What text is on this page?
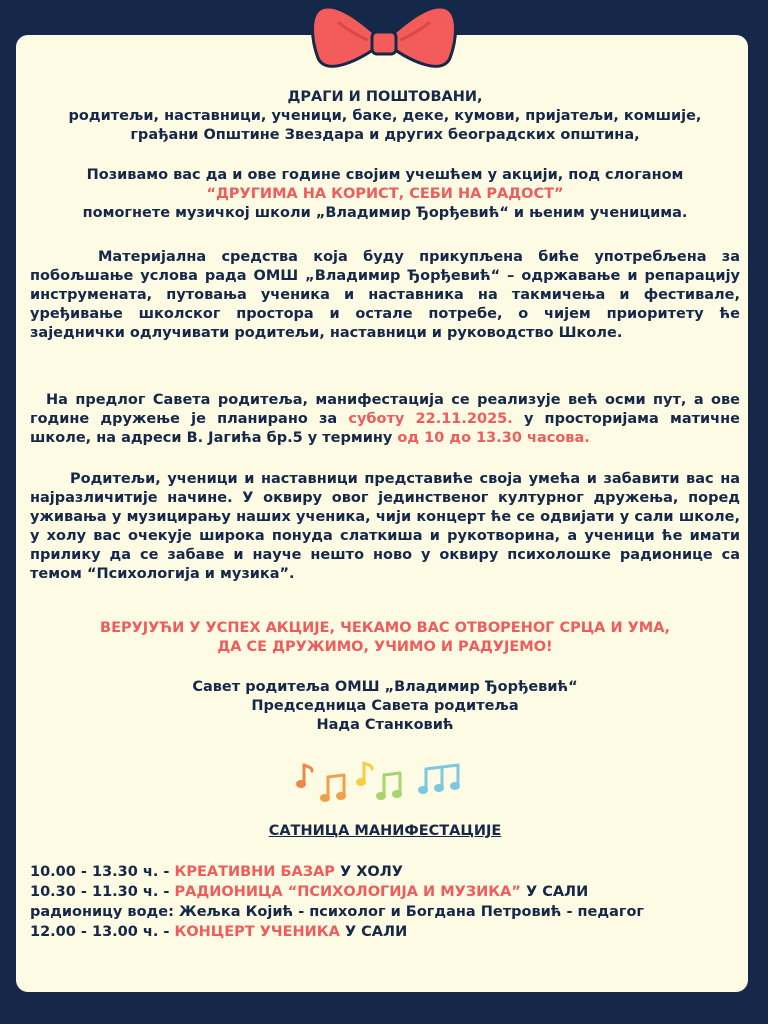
ДРАГИ И ПОШТОВАНИ,
родитељи, наставници, ученици, баке, деке, кумови, пријатељи, комшије,
грађани Општине Звездара и других београдских општина,
Позивамо вас да и ове године својим учешћем у акцији, под слоганом
“ДРУГИМА НА КОРИСТ, СЕБИ НА РАДОСТ”
помогнете музичкој школи „Владимир Ђорђевић“ и њеним ученицима.
Материјална средства која буду прикупљена биће употребљена за побољшање услова рада ОМШ „Владимир Ђорђевић“ – одржавање и репарацију инструмената, путовања ученика и наставника на такмичења и фестивале, уређивање школског простора и остале потребе, о чијем приоритету ће заједнички одлучивати родитељи, наставници и руководство Школе.
На предлог Савета родитеља, манифестација се реализује већ осми пут, а ове године дружење је планирано за суботу 22.11.2025. у просторијама матичне школе, на адреси В. Јагића бр.5 у термину од 10 до 13.30 часова.
Родитељи, ученици и наставници представиће своја умећа и забавити вас на најразличитије начине. У оквиру овог јединственог културног дружења, поред уживања у музицирању наших ученика, чији концерт ће се одвијати у сали школе, у холу вас очекује широка понуда слаткиша и рукотворина, а ученици ће имати прилику да се забаве и науче нешто ново у оквиру психолошке радионице са темом “Психологија и музика”.
ВЕРУЈУЋИ У УСПЕХ АКЦИЈЕ, ЧЕКАМО ВАС ОТВОРЕНОГ СРЦА И УМА,
ДА СЕ ДРУЖИМО, УЧИМО И РАДУЈЕМО!
Савет родитеља ОМШ „Владимир Ђорђевић“
Председница Савета родитеља
Нада Станковић
САТНИЦА МАНИФЕСТАЦИЈЕ
10.00 - 13.30 ч. - КРЕАТИВНИ БАЗАР У ХОЛУ
10.30 - 11.30 ч. - РАДИОНИЦА “ПСИХОЛОГИЈА И МУЗИКА” У САЛИ
радионицу воде: Жељка Којић - психолог и Богдана Петровић - педагог
12.00 - 13.00 ч. - КОНЦЕРТ УЧЕНИКА У САЛИ
